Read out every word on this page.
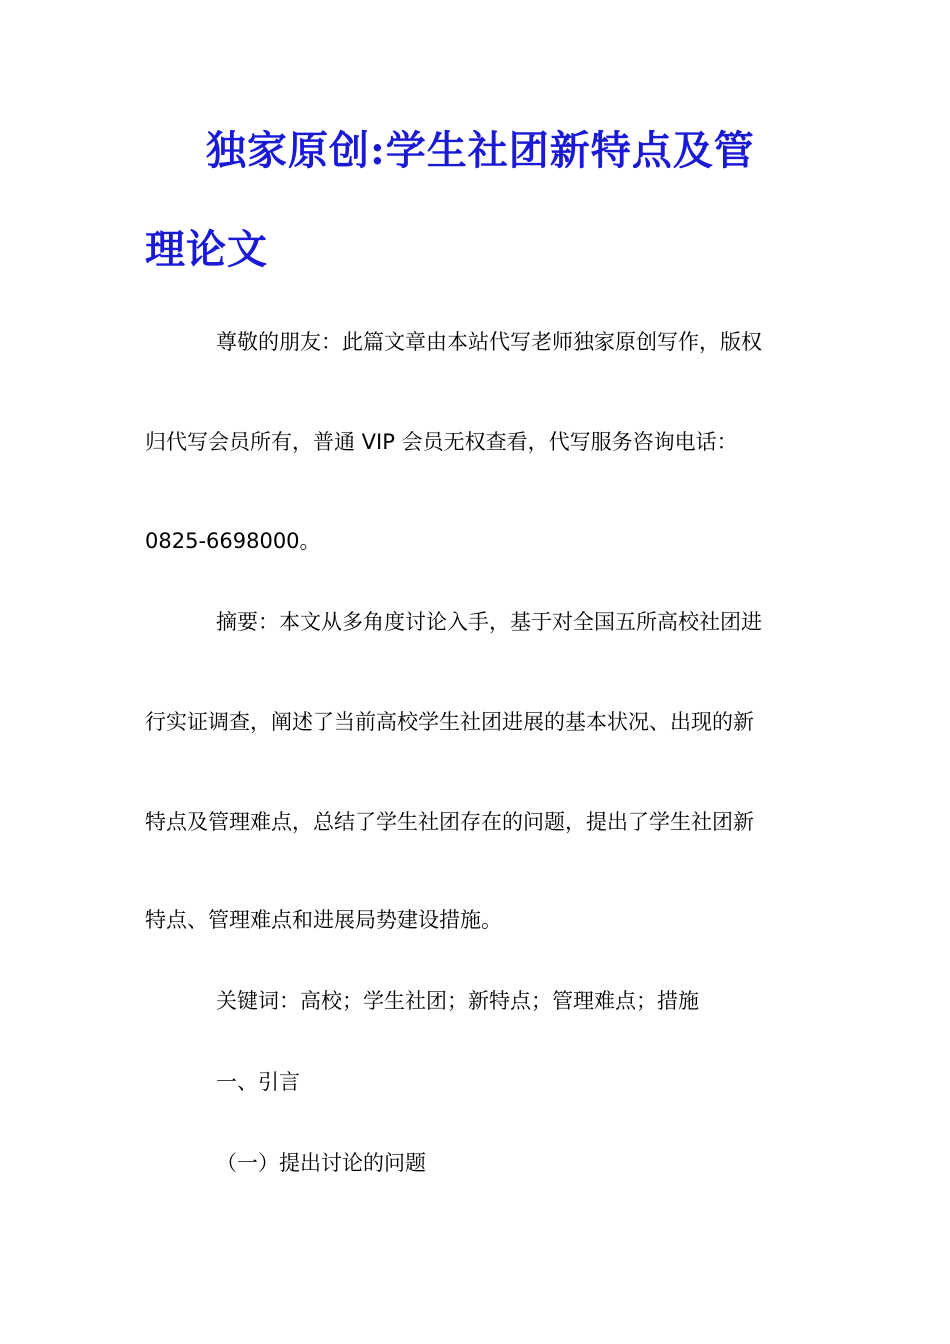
独家原创:学生社团新特点及管
理论文
尊敬的朋友：此篇文章由本站代写老师独家原创写作，版权
归代写会员所有，普通 VIP 会员无权查看，代写服务咨询电话：
0825-6698000。
摘要：本文从多角度讨论入手，基于对全国五所高校社团进
行实证调查，阐述了当前高校学生社团进展的基本状况、出现的新
特点及管理难点，总结了学生社团存在的问题，提出了学生社团新
特点、管理难点和进展局势建设措施。
关键词：高校；学生社团；新特点；管理难点；措施
一、引言
（一）提出讨论的问题
